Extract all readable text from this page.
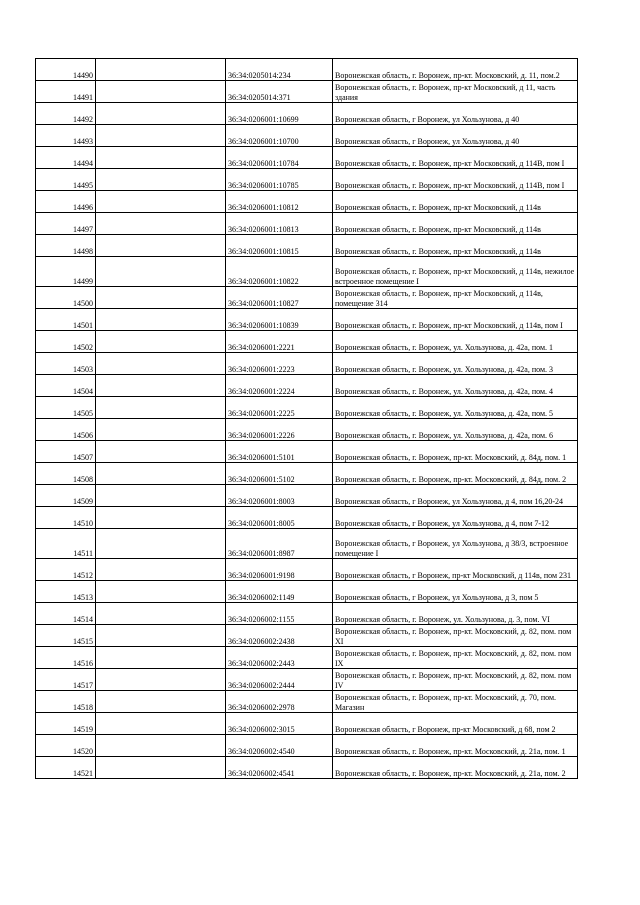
14490		36:34:0205014:234	Воронежская область, г. Воронеж, пр-кт. Московский, д. 11, пом.2
14491		36:34:0205014:371	Воронежская область, г. Воронеж, пр-кт Московский, д 11, часть здания
14492		36:34:0206001:10699	Воронежская область, г Воронеж, ул Хользунова, д 40
14493		36:34:0206001:10700	Воронежская область, г Воронеж, ул Хользунова, д 40
14494		36:34:0206001:10784	Воронежская область, г. Воронеж, пр-кт Московский, д 114В, пом I
14495		36:34:0206001:10785	Воронежская область, г. Воронеж, пр-кт Московский, д 114В, пом I
14496		36:34:0206001:10812	Воронежская область, г. Воронеж, пр-кт Московский, д 114в
14497		36:34:0206001:10813	Воронежская область, г. Воронеж, пр-кт Московский, д 114в
14498		36:34:0206001:10815	Воронежская область, г. Воронеж, пр-кт Московский, д 114в
14499		36:34:0206001:10822	Воронежская область, г. Воронеж, пр-кт Московский, д 114в, нежилое встроенное помещение I
14500		36:34:0206001:10827	Воронежская область, г. Воронеж, пр-кт Московский, д 114в, помещение 314
14501		36:34:0206001:10839	Воронежская область, г. Воронеж, пр-кт Московский, д 114в, пом I
14502		36:34:0206001:2221	Воронежская область, г. Воронеж, ул. Хользунова, д. 42а, пом. 1
14503		36:34:0206001:2223	Воронежская область, г. Воронеж, ул. Хользунова, д. 42а, пом. 3
14504		36:34:0206001:2224	Воронежская область, г. Воронеж, ул. Хользунова, д. 42а, пом. 4
14505		36:34:0206001:2225	Воронежская область, г. Воронеж, ул. Хользунова, д. 42а, пом. 5
14506		36:34:0206001:2226	Воронежская область, г. Воронеж, ул. Хользунова, д. 42а, пом. 6
14507		36:34:0206001:5101	Воронежская область, г. Воронеж, пр-кт. Московский, д. 84д, пом. 1
14508		36:34:0206001:5102	Воронежская область, г. Воронеж, пр-кт. Московский, д. 84д, пом. 2
14509		36:34:0206001:8003	Воронежская область, г Воронеж, ул Хользунова, д 4, пом 16,20-24
14510		36:34:0206001:8005	Воронежская область, г Воронеж, ул Хользунова, д 4, пом 7-12
14511		36:34:0206001:8987	Воронежская область, г Воронеж, ул Хользунова, д 38/3, встроенное помещение I
14512		36:34:0206001:9198	Воронежская область, г Воронеж, пр-кт Московский, д 114в, пом 231
14513		36:34:0206002:1149	Воронежская область, г Воронеж, ул Хользунова, д 3, пом 5
14514		36:34:0206002:1155	Воронежская область, г. Воронеж, ул. Хользунова, д. 3, пом. VI
14515		36:34:0206002:2438	Воронежская область, г. Воронеж, пр-кт. Московский, д. 82, пом. пом XI
14516		36:34:0206002:2443	Воронежская область, г. Воронеж, пр-кт. Московский, д. 82, пом. пом IX
14517		36:34:0206002:2444	Воронежская область, г. Воронеж, пр-кт. Московский, д. 82, пом. пом IV
14518		36:34:0206002:2978	Воронежская область, г. Воронеж, пр-кт. Московский, д. 70, пом. Магазин
14519		36:34:0206002:3015	Воронежская область, г Воронеж, пр-кт Московский, д 68, пом 2
14520		36:34:0206002:4540	Воронежская область, г. Воронеж, пр-кт. Московский, д. 21а, пом. 1
14521		36:34:0206002:4541	Воронежская область, г. Воронеж, пр-кт. Московский, д. 21а, пом. 2
